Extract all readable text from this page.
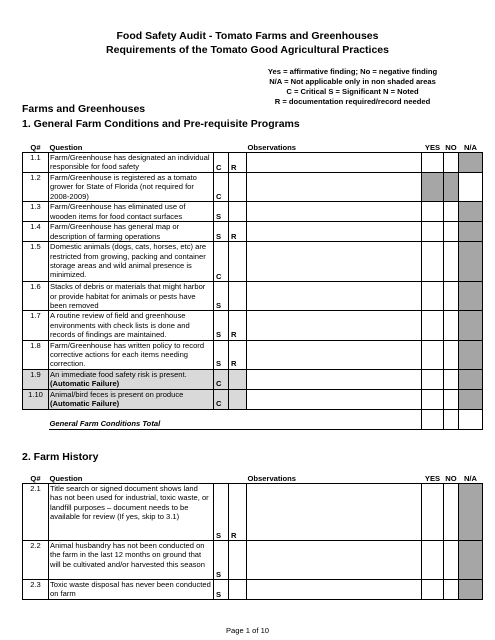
Food Safety Audit - Tomato Farms and Greenhouses
Requirements of the Tomato Good Agricultural Practices
Yes = affirmative finding; No = negative finding
N/A = Not applicable only in non shaded areas
C = Critical S = Significant N = Noted
R = documentation required/record needed
Farms and Greenhouses
1. General Farm Conditions and Pre-requisite Programs
Q#	Question			Observations	YES	NO	N/A
1.1	Farm/Greenhouse has designated an individual responsible for food safety	C	R				
1.2	Farm/Greenhouse is registered as a tomato grower for State of Florida (not required for 2008-2009)	C					
1.3	Farm/Greenhouse has eliminated use of wooden items for food contact surfaces	S					
1.4	Farm/Greenhouse has general map or description of farming operations	S	R				
1.5	Domestic animals (dogs, cats, horses, etc) are restricted from growing, packing and container storage areas and wild animal presence is minimized.	C					
1.6	Stacks of debris or materials that might harbor or provide habitat for animals or pests have been removed	S					
1.7	A routine review of field and greenhouse environments with check lists is done and records of findings are maintained.	S	R				
1.8	Farm/Greenhouse has written policy to record corrective actions for each items needing correction.	S	R				
1.9	An immediate food safety risk is present.
(Automatic Failure)	C					
1.10	Animal/bird feces is present on produce
(Automatic Failure)	C					
	General Farm Conditions Total						
2. Farm History
Q#	Question			Observations	YES	NO	N/A
2.1	Title search or signed document shows land has not been used for industrial, toxic waste, or landfill purposes – document needs to be available for review (If yes, skip to 3.1)	S	R				
2.2	Animal husbandry has not been conducted on the farm in the last 12 months on ground that will be cultivated and/or harvested this season	S					
2.3	Toxic waste disposal has never been conducted on farm	S					
Page 1 of 10
